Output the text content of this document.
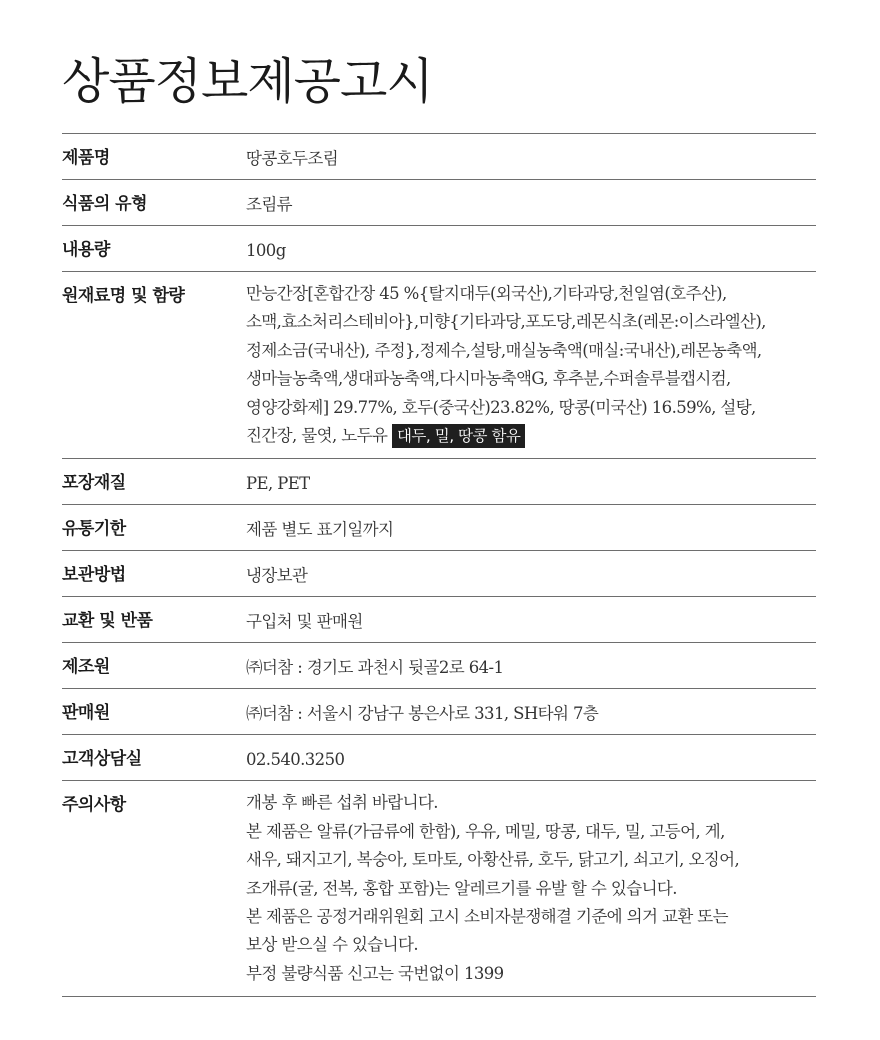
상품정보제공고시
제품명	땅콩호두조림
식품의 유형	조림류
내용량	100g
원재료명 및 함량	만능간장[혼합간장 45 %{탈지대두(외국산),기타과당,천일염(호주산),
소맥,효소처리스테비아},미향{기타과당,포도당,레몬식초(레몬:이스라엘산),
정제소금(국내산), 주정},정제수,설탕,매실농축액(매실:국내산),레몬농축액,
생마늘농축액,생대파농축액,다시마농축액G, 후추분,수퍼솔루블캡시컴,
영양강화제] 29.77%, 호두(중국산)23.82%, 땅콩(미국산) 16.59%, 설탕,
진간장, 물엿, 노두유 대두, 밀, 땅콩 함유
포장재질	PE, PET
유통기한	제품 별도 표기일까지
보관방법	냉장보관
교환 및 반품	구입처 및 판매원
제조원	㈜더참 : 경기도 과천시 뒷골2로 64-1
판매원	㈜더참 : 서울시 강남구 봉은사로 331, SH타워 7층
고객상담실	02.540.3250
주의사항	개봉 후 빠른 섭취 바랍니다.
본 제품은 알류(가금류에 한함), 우유, 메밀, 땅콩, 대두, 밀, 고등어, 게,
새우, 돼지고기, 복숭아, 토마토, 아황산류, 호두, 닭고기, 쇠고기, 오징어,
조개류(굴, 전복, 홍합 포함)는 알레르기를 유발 할 수 있습니다.
본 제품은 공정거래위원회 고시 소비자분쟁해결 기준에 의거 교환 또는
보상 받으실 수 있습니다.
부정 불량식품 신고는 국번없이 1399
